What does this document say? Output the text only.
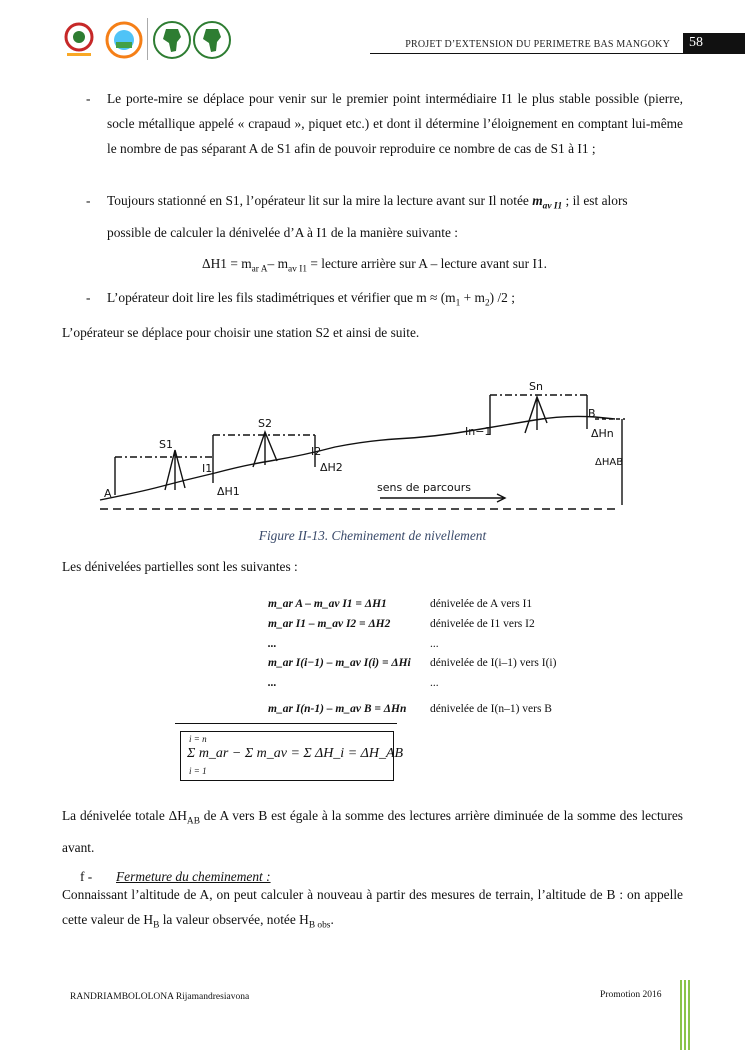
PROJET D’EXTENSION DU PERIMETRE BAS MANGOKY	58
- Le porte-mire se déplace pour venir sur le premier point intermédiaire I1 le plus stable possible (pierre, socle métallique appelé « crapaud », piquet etc.) et dont il détermine l’éloignement en comptant lui-même le nombre de pas séparant A de S1 afin de pouvoir reproduire ce nombre de cas de S1 à I1 ;
- Toujours stationné en S1, l’opérateur lit sur la mire la lecture avant sur Il notée $m_{av I1}$ ; il est alors
possible de calculer la dénivelée d’A à I1 de la manière suivante :
$\Delta H1 = m_{ar A}-$ $m_{av I1}$ = lecture arrière sur A – lecture avant sur I1.
- L’opérateur doit lire les fils stadimétriques et vérifier que $m \approx (m_1 + m_2)$ /2 ;
L’opérateur se déplace pour choisir une station S2 et ainsi de suite.
A
S1
I1
ΔH1
S2
I2
ΔH2
sens de parcours
Sn
In−1
B
ΔHn
ΔHAB
Figure II-13. Cheminement de nivellement
Les dénivelées partielles sont les suivantes :
m_ar A – m_av I1 = ΔH1	dénivelée de A vers I1
m_ar I1 – m_av I2 = ΔH2	dénivelée de I1 vers I2
...	...
m_ar I(i−1) – m_av I(i) = ΔHi dénivelée de I(i–1) vers I(i)
...	...
m_ar I(n-1) – m_av B = ΔHn dénivelée de I(n–1) vers B
i = n
Σ m_ar − Σ m_av = Σ ΔH_i = ΔH_AB
i = 1
La dénivelée totale $\Delta H_{AB}$ de A vers B est égale à la somme des lectures arrière diminuée de la somme des lectures avant.
f - Fermeture du cheminement :
Connaissant l’altitude de A, on peut calculer à nouveau à partir des mesures de terrain, l’altitude de B : on appelle cette valeur de $H_B$ la valeur observée, notée $H_{B obs}$.
RANDRIAMBOLOLONA Rijamandresiavona	Promotion 2016
